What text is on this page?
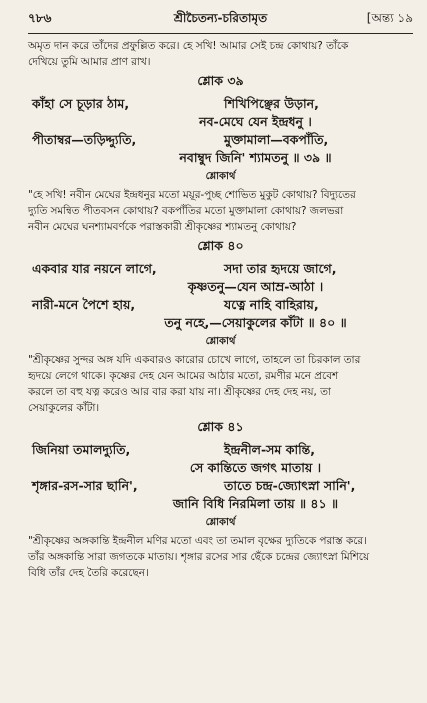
৭৮৬	শ্রীচৈতন্য-চরিতামৃত	[অন্ত্য ১৯

অমৃত দান করে তাঁদের প্রফুল্লিত করে। হে সখি! আমার সেই চন্দ্র কোথায়? তাঁকে
দেখিয়ে তুমি আমার প্রাণ রাখ।

শ্লোক ৩৯
কাঁহা সে চূড়ার ঠাম,	শিখিপিঞ্ছের উড়ান,
নব-মেঘে যেন ইন্দ্রধনু ।
পীতাম্বর—তড়িদ্দ্যুতি,	মুক্তামালা—বকপাঁতি,
নবাম্বুদ জিনি' শ্যামতনু ॥ ৩৯ ॥
শ্লোকার্থ

"হে সখি! নবীন মেঘের ইন্দ্রধনুর মতো ময়ূর-পুচ্ছ শোভিত মুকুট কোথায়? বিদ্যুতের
দ্যুতি সমন্বিত পীতবসন কোথায়? বকপাঁতির মতো মুক্তামালা কোথায়? জলভরা
নবীন মেঘের ঘনশ্যামবর্ণকে পরাস্তকারী শ্রীকৃষ্ণের শ্যামতনু কোথায়?

শ্লোক ৪০
একবার যার নয়নে লাগে,	সদা তার হৃদয়ে জাগে,
কৃষ্ণতনু—যেন আম্র-আঠা ।
নারী-মনে পৈশে হায়,	যত্নে নাহি বাহিরায়,
তনু নহে,—সেয়াকুলের কাঁটা ॥ ৪০ ॥
শ্লোকার্থ

"শ্রীকৃষ্ণের সুন্দর অঙ্গ যদি একবারও কারোর চোখে লাগে, তাহলে তা চিরকাল তার
হৃদয়ে লেগে থাকে। কৃষ্ণের দেহ যেন আমের আঠার মতো, রমণীর মনে প্রবেশ
করলে তা বহু যত্ন করেও আর বার করা যায় না। শ্রীকৃষ্ণের দেহ দেহ নয়, তা
সেয়াকুলের কাঁটা।

শ্লোক ৪১
জিনিয়া তমালদ্যুতি,	ইন্দ্রনীল-সম কান্তি,
সে কান্তিতে জগৎ মাতায় ।
শৃঙ্গার-রস-সার ছানি',	তাতে চন্দ্র-জ্যোৎস্না সানি',
জানি বিধি নিরমিলা তায় ॥ ৪১ ॥
শ্লোকার্থ

"শ্রীকৃষ্ণের অঙ্গকান্তি ইন্দ্রনীল মণির মতো এবং তা তমাল বৃক্ষের দ্যুতিকে পরাস্ত করে।
তাঁর অঙ্গকান্তি সারা জগতকে মাতায়। শৃঙ্গার রসের সার ছেঁকে চন্দ্রের জ্যোৎস্না মিশিয়ে
বিধি তাঁর দেহ তৈরি করেছেন।
